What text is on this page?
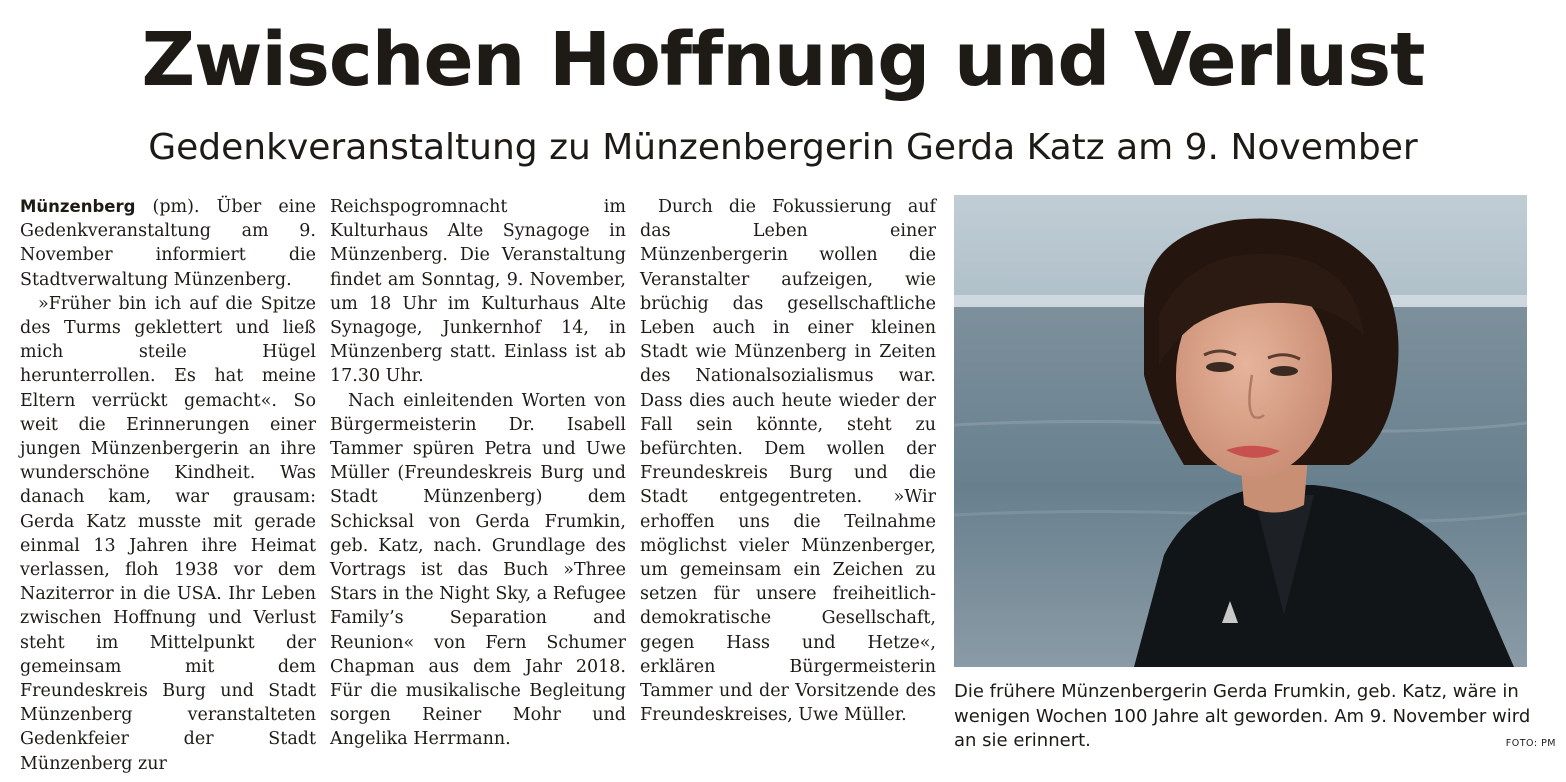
Zwischen Hoffnung und Verlust
Gedenkveranstaltung zu Münzenbergerin Gerda Katz am 9. November

Münzenberg (pm). Über eine Gedenkveranstaltung am 9. November informiert die Stadtverwaltung Münzenberg.

»Früher bin ich auf die Spitze des Turms geklettert und ließ mich steile Hügel herunterrollen. Es hat meine Eltern verrückt gemacht«. So weit die Erinnerungen einer jungen Münzenbergerin an ihre wunderschöne Kindheit. Was danach kam, war grausam: Gerda Katz musste mit gerade einmal 13 Jahren ihre Heimat verlassen, floh 1938 vor dem Naziterror in die USA. Ihr Leben zwischen Hoffnung und Verlust steht im Mittelpunkt der gemeinsam mit dem Freundeskreis Burg und Stadt Münzenberg veranstalteten Gedenkfeier der Stadt Münzenberg zur

Reichspogromnacht im Kulturhaus Alte Synagoge in Münzenberg. Die Veranstaltung findet am Sonntag, 9. November, um 18 Uhr im Kulturhaus Alte Synagoge, Junkernhof 14, in Münzenberg statt. Einlass ist ab 17.30 Uhr.

Nach einleitenden Worten von Bürgermeisterin Dr. Isabell Tammer spüren Petra und Uwe Müller (Freundeskreis Burg und Stadt Münzenberg) dem Schicksal von Gerda Frumkin, geb. Katz, nach. Grundlage des Vortrags ist das Buch »Three Stars in the Night Sky, a Refugee Family’s Separation and Reunion« von Fern Schumer Chapman aus dem Jahr 2018. Für die musikalische Begleitung sorgen Reiner Mohr und Angelika Herrmann.

Durch die Fokussierung auf das Leben einer Münzenbergerin wollen die Veranstalter aufzeigen, wie brüchig das gesellschaftliche Leben auch in einer kleinen Stadt wie Münzenberg in Zeiten des Nationalsozialismus war. Dass dies auch heute wieder der Fall sein könnte, steht zu befürchten. Dem wollen der Freundeskreis Burg und die Stadt entgegentreten. »Wir erhoffen uns die Teilnahme möglichst vieler Münzenberger, um gemeinsam ein Zeichen zu setzen für unsere freiheitlich-demokratische Gesellschaft, gegen Hass und Hetze«, erklären Bürgermeisterin Tammer und der Vorsitzende des Freundeskreises, Uwe Müller.

Die frühere Münzenbergerin Gerda Frumkin, geb. Katz, wäre in wenigen Wochen 100 Jahre alt geworden. Am 9. November wird an sie erinnert.	FOTO: PM
